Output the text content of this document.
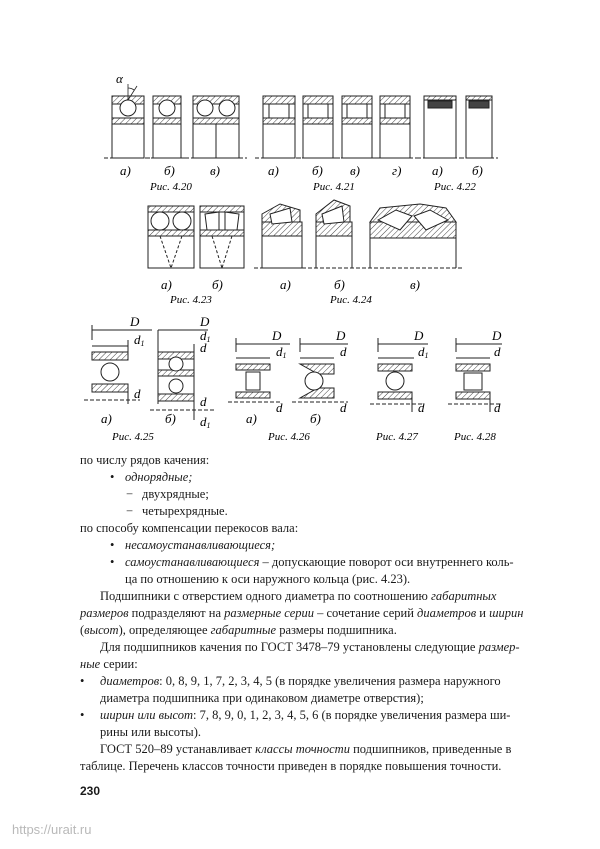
α
а)	б)	в)
Рис. 4.20
а)	б) в) г)
Рис. 4.21
а) б)
Рис. 4.22
а)	б)
Рис. 4.23
а)	б)	в)
Рис. 4.24
D
d1
d
D
d1
d
d
d1
а)	б)
Рис. 4.25
D
d1
d
D
d
d
а)	б)
Рис. 4.26
D
d1
d
Рис. 4.27
D
d
d
Рис. 4.28
по числу рядов качения:
• однорядные;
− двухрядные;
− четырехрядные.
по способу компенсации перекосов вала:
• несамоустанавливающиеся;
• самоустанавливающиеся – допускающие поворот оси внутреннего коль-
ца по отношению к оси наружного кольца (рис. 4.23).
Подшипники с отверстием одного диаметра по соотношению габаритных
размеров подразделяют на размерные серии – сочетание серий диаметров и ширин
(высот), определяющее габаритные размеры подшипника.
Для подшипников качения по ГОСТ 3478–79 установлены следующие размер-
ные серии:
• диаметров: 0, 8, 9, 1, 7, 2, 3, 4, 5 (в порядке увеличения размера наружного
диаметра подшипника при одинаковом диаметре отверстия);
• ширин или высот: 7, 8, 9, 0, 1, 2, 3, 4, 5, 6 (в порядке увеличения размера ши-
рины или высоты).
ГОСТ 520–89 устанавливает классы точности подшипников, приведенные в
таблице. Перечень классов точности приведен в порядке повышения точности.
230
https://urait.ru
